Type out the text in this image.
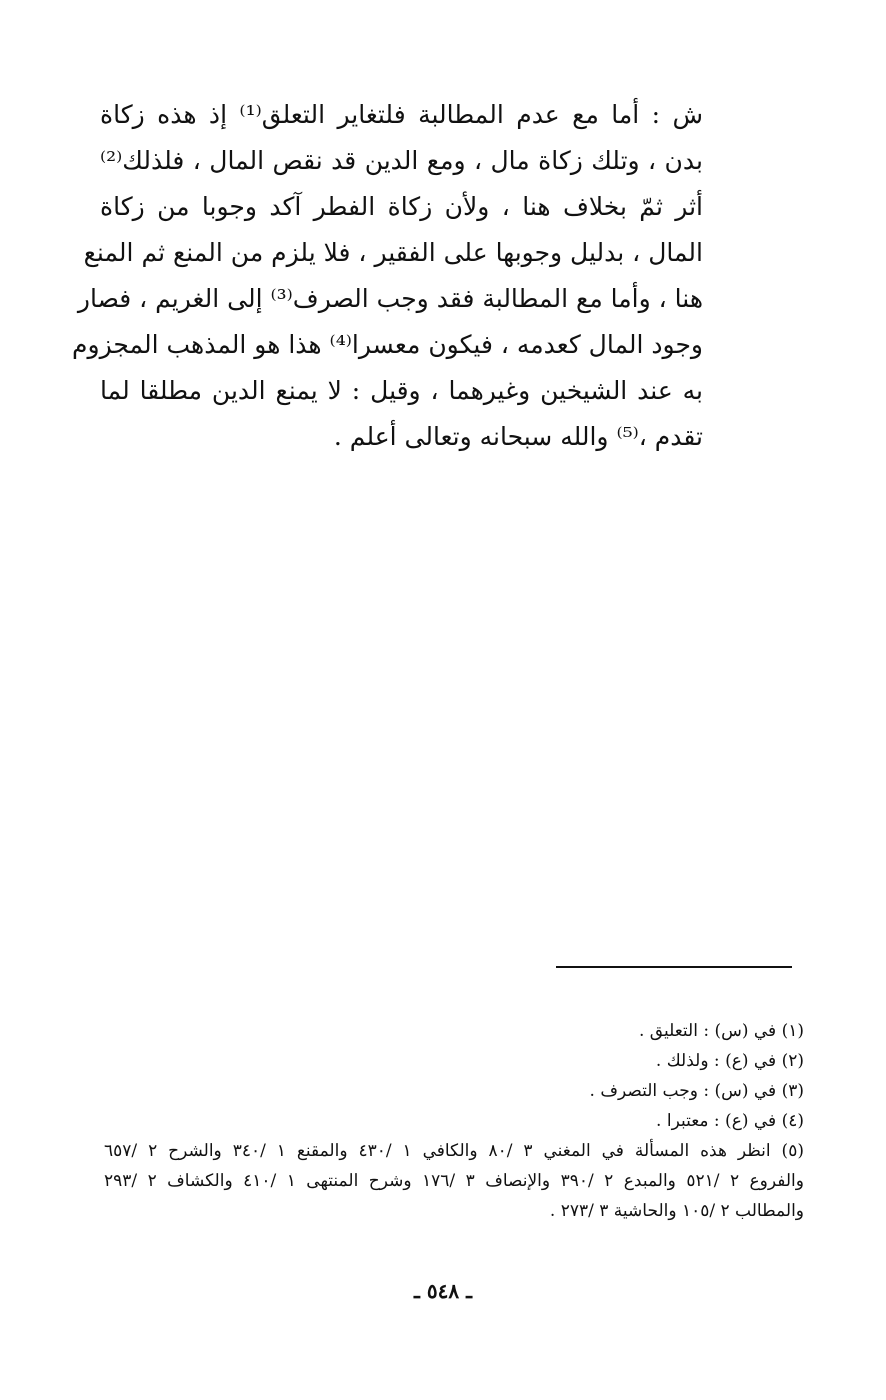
ش : أما مع عدم المطالبة فلتغاير التعلق⁽¹⁾ إذ هذه زكاة
بدن ، وتلك زكاة مال ، ومع الدين قد نقص المال ، فلذلك⁽²⁾
أثر ثمّ بخلاف هنا ، ولأن زكاة الفطر آكد وجوبا من زكاة
المال ، بدليل وجوبها على الفقير ، فلا يلزم من المنع ثم المنع
هنا ، وأما مع المطالبة فقد وجب الصرف⁽³⁾ إلى الغريم ، فصار
وجود المال كعدمه ، فيكون معسرا⁽⁴⁾ هذا هو المذهب المجزوم
به عند الشيخين وغيرهما ، وقيل : لا يمنع الدين مطلقا لما
تقدم ،⁽⁵⁾ والله سبحانه وتعالى أعلم .
(١) في (س) : التعليق .
(٢) في (ع) : ولذلك .
(٣) في (س) : وجب التصرف .
(٤) في (ع) : معتبرا .
(٥) انظر هذه المسألة في المغني ٣ /٨٠ والكافي ١ /٤٣٠ والمقنع ١ /٣٤٠ والشرح ٢ /٦٥٧
والفروع ٢ /٥٢١ والمبدع ٢ /٣٩٠ والإنصاف ٣ /١٧٦ وشرح المنتهى ١ /٤١٠ والكشاف ٢ /٢٩٣
والمطالب ٢ /١٠٥ والحاشية ٣ /٢٧٣ .
ـ ٥٤٨ ـ
